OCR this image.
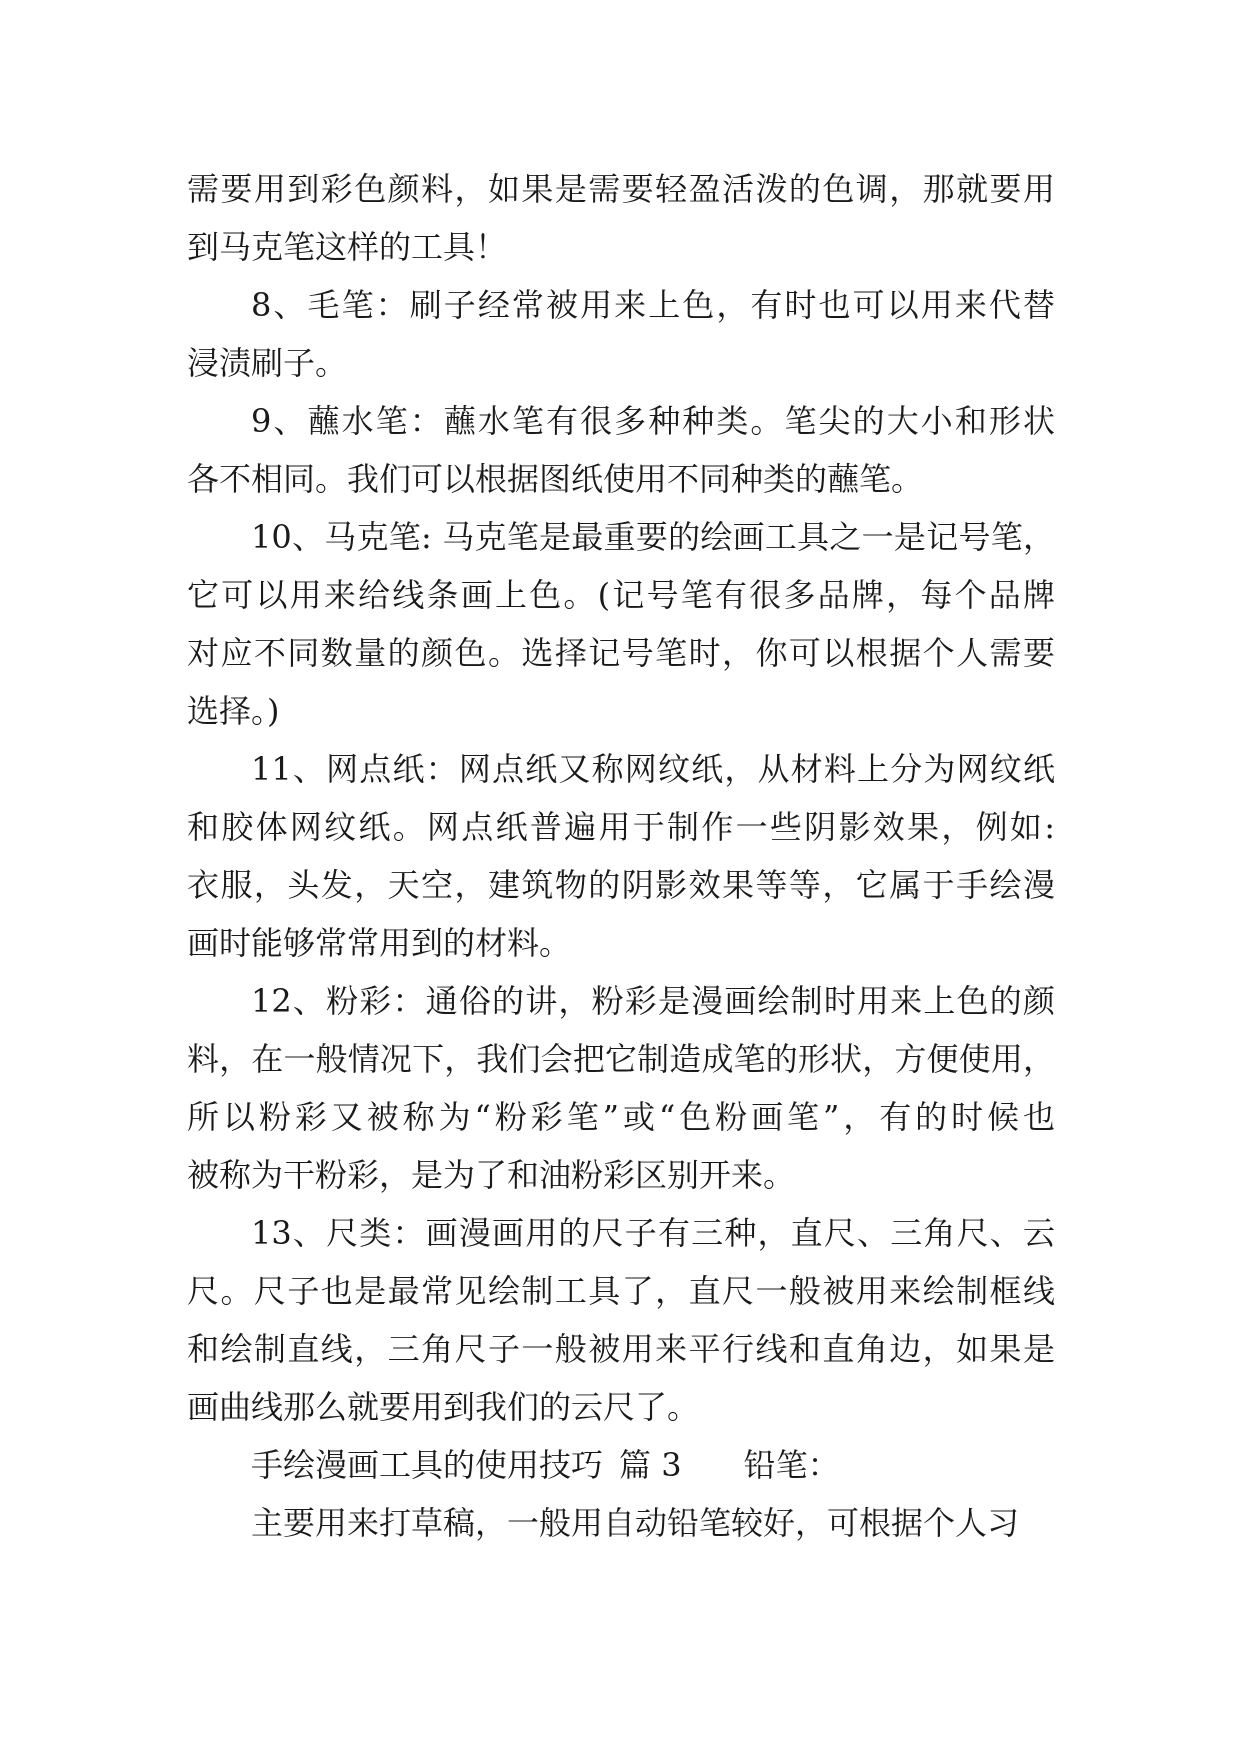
需要用到彩色颜料，如果是需要轻盈活泼的色调，那就要用
到马克笔这样的工具！
8、毛笔：刷子经常被用来上色，有时也可以用来代替
浸渍刷子。
9、蘸水笔：蘸水笔有很多种种类。笔尖的大小和形状
各不相同。我们可以根据图纸使用不同种类的蘸笔。
10、马克笔: 马克笔是最重要的绘画工具之一是记号笔，
它可以用来给线条画上色。(记号笔有很多品牌，每个品牌
对应不同数量的颜色。选择记号笔时，你可以根据个人需要
选择。)
11、网点纸：网点纸又称网纹纸，从材料上分为网纹纸
和胶体网纹纸。网点纸普遍用于制作一些阴影效果，例如:
衣服，头发，天空，建筑物的阴影效果等等，它属于手绘漫
画时能够常常用到的材料。
12、粉彩：通俗的讲，粉彩是漫画绘制时用来上色的颜
料，在一般情况下，我们会把它制造成笔的形状，方便使用，
所以粉彩又被称为“粉彩笔”或“色粉画笔”，有的时候也
被称为干粉彩，是为了和油粉彩区别开来。
13、尺类：画漫画用的尺子有三种，直尺、三角尺、云
尺。尺子也是最常见绘制工具了，直尺一般被用来绘制框线
和绘制直线，三角尺子一般被用来平行线和直角边，如果是
画曲线那么就要用到我们的云尺了。
手绘漫画工具的使用技巧  篇 3 铅笔：
主要用来打草稿，一般用自动铅笔较好，可根据个人习
